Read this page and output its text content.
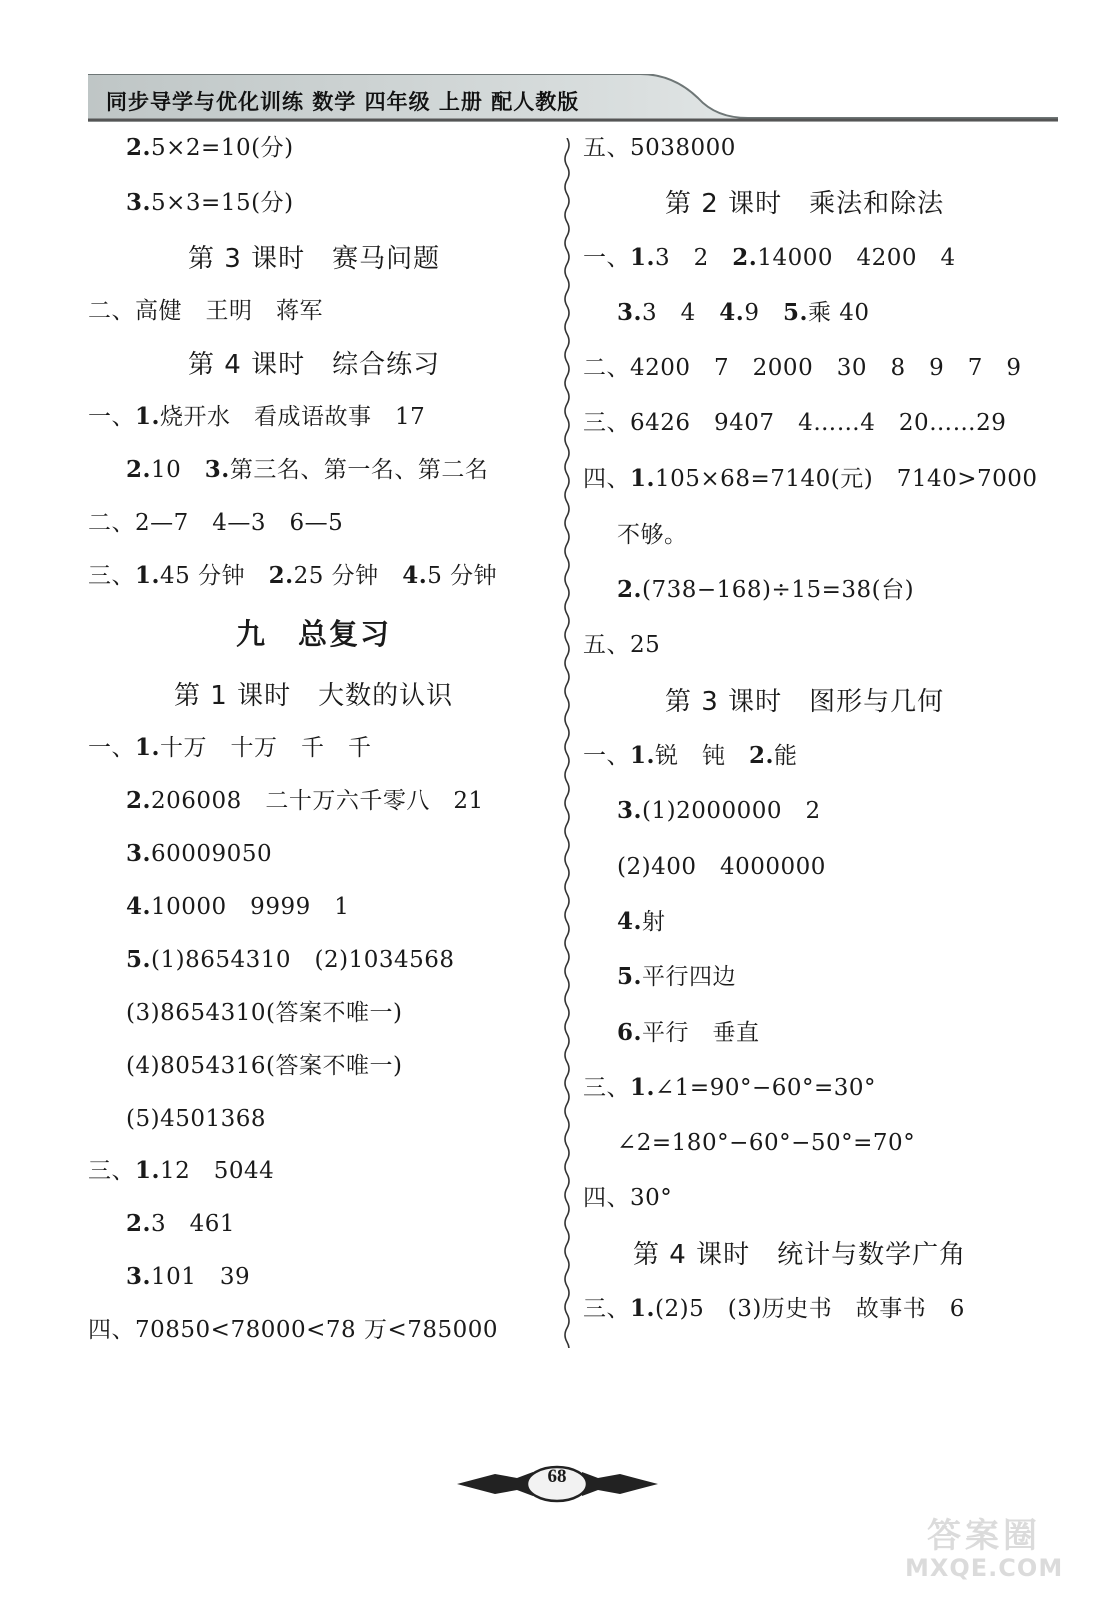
同步导学与优化训练 数学 四年级 上册 配人教版
2.5×2=10(分)
3.5×3=15(分)
第 3 课时　赛马问题
二、高健　王明　蒋军
第 4 课时　综合练习
一、1.烧开水　看成语故事　17
2.10　3.第三名、第一名、第二名
二、2—7　4—3　6—5
三、1.45 分钟　2.25 分钟　4.5 分钟
九　总复习
第 1 课时　大数的认识
一、1.十万　十万　千　千
2.206008　二十万六千零八　21
3.60009050
4.10000　9999　1
5.(1)8654310　(2)1034568
(3)8654310(答案不唯一)
(4)8054316(答案不唯一)
(5)4501368
三、1.12　5044
2.3　461
3.101　39
四、70850<78000<78 万<785000
五、5038000
第 2 课时　乘法和除法
一、1.3　2　2.14000　4200　4
3.3　4　4.9　5.乘 40
二、4200　7　2000　30　8　9　7　9
三、6426　9407　4……4　20……29
四、1.105×68=7140(元)　7140>7000
不够。
2.(738−168)÷15=38(台)
五、25
第 3 课时　图形与几何
一、1.锐　钝　2.能
3.(1)2000000　2
(2)400　4000000
4.射
5.平行四边
6.平行　垂直
三、1.∠1=90°−60°=30°
∠2=180°−60°−50°=70°
四、30°
第 4 课时　统计与数学广角
三、1.(2)5　(3)历史书　故事书　6
68
答案圈
MXQE.COM
